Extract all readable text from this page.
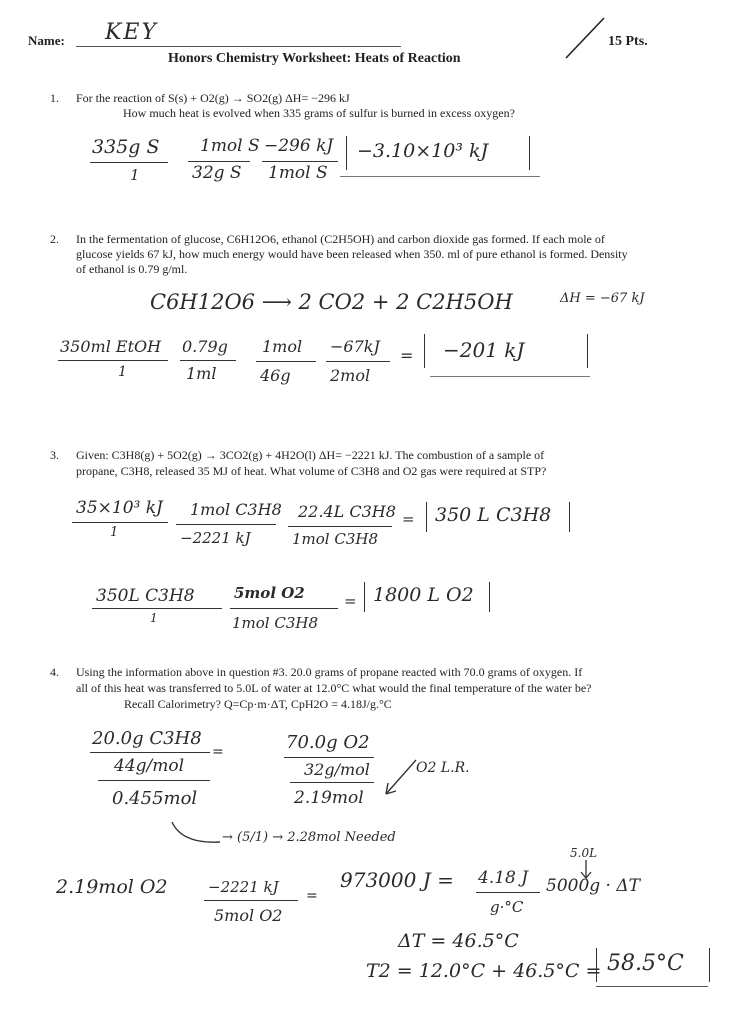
Name: KEY
Honors Chemistry Worksheet: Heats of Reaction
15 Pts.
1. For the reaction of S(s) + O2(g) → SO2(g) ΔH= −296 kJ
How much heat is evolved when 335 grams of sulfur is burned in excess oxygen?
335g S
1
1mol S
32g S
−296 kJ
1mol S
−3.10×10³ kJ
2. In the fermentation of glucose, C6H12O6, ethanol (C2H5OH) and carbon dioxide gas formed. If each mole of glucose yields 67 kJ, how much energy would have been released when 350. ml of pure ethanol is formed. Density of ethanol is 0.79 g/ml.
C6H12O6 ⟶ 2 CO2 + 2 C2H5OH	ΔH = −67 kJ
350ml EtOH
1
0.79g
1ml
1mol
46g
−67kJ
2mol
= −201 kJ
3. Given: C3H8(g) + 5O2(g) → 3CO2(g) + 4H2O(l) ΔH= −2221 kJ. The combustion of a sample of
propane, C3H8, released 35 MJ of heat. What volume of C3H8 and O2 gas were required at STP?
35×10³ kJ
1
1mol C3H8
−2221 kJ
22.4L C3H8
1mol C3H8
= 350 L C3H8
350L C3H8
1
5mol O2
1mol C3H8
= 1800 L O2
4. Using the information above in question #3. 20.0 grams of propane reacted with 70.0 grams of oxygen. If
all of this heat was transferred to 5.0L of water at 12.0°C what would the final temperature of the water be?
Recall Calorimetry? Q=Cp·m·ΔT, CpH2O = 4.18J/g.°C
20.0g C3H8
44g/mol
=
0.455mol
70.0g O2
32g/mol
2.19mol
O2 L.R.
→ (5/1) → 2.28mol Needed
2.19mol O2	−2221 kJ
5mol O2
=
973000 J = 4.18 J
g·°C
5.0L
5000g · ΔT
ΔT = 46.5°C
T2 = 12.0°C + 46.5°C = 58.5°C
